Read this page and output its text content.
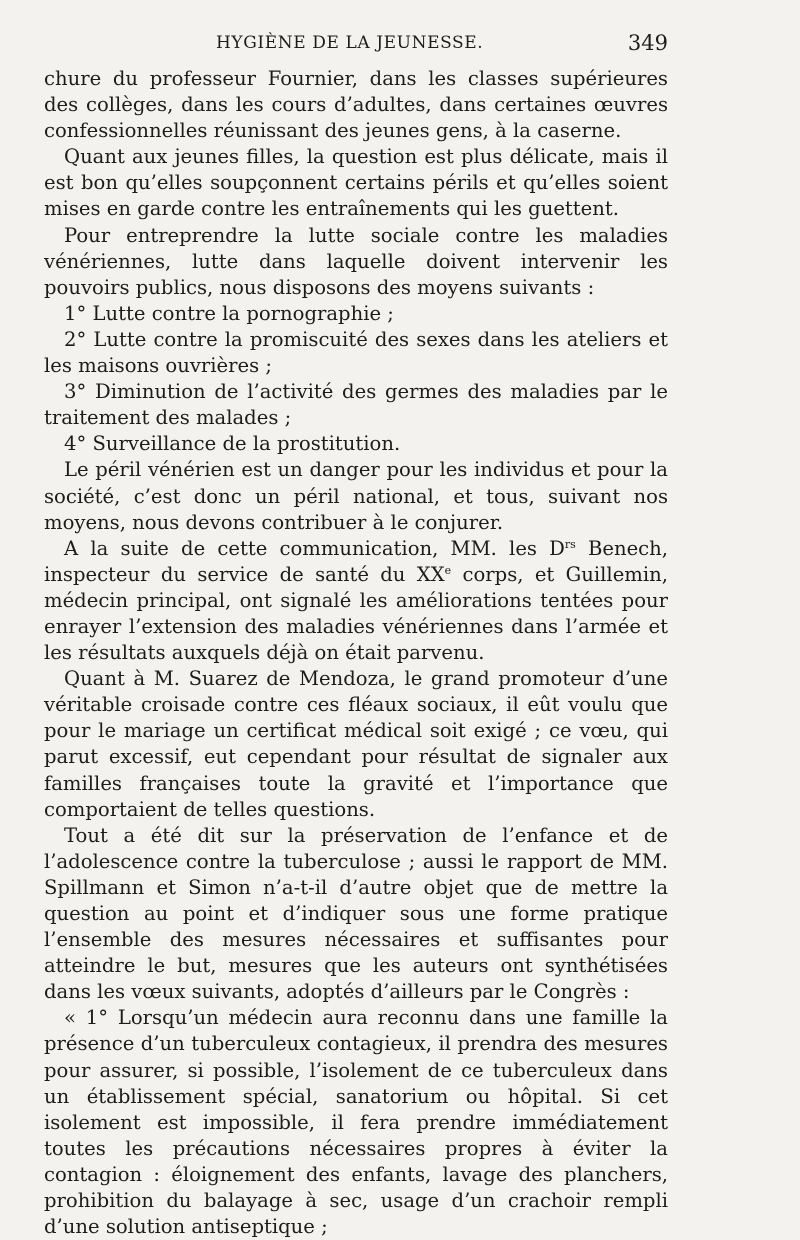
HYGIÈNE DE LA JEUNESSE.	349

chure du professeur Fournier, dans les classes supérieures des collèges, dans les cours d’adultes, dans certaines œuvres confessionnelles réunissant des jeunes gens, à la caserne.

Quant aux jeunes filles, la question est plus délicate, mais il est bon qu’elles soupçonnent certains périls et qu’elles soient mises en garde contre les entraînements qui les guettent.

Pour entreprendre la lutte sociale contre les maladies vénériennes, lutte dans laquelle doivent intervenir les pouvoirs publics, nous disposons des moyens suivants :

1° Lutte contre la pornographie ;

2° Lutte contre la promiscuité des sexes dans les ateliers et les maisons ouvrières ;

3° Diminution de l’activité des germes des maladies par le traitement des malades ;

4° Surveillance de la prostitution.

Le péril vénérien est un danger pour les individus et pour la société, c’est donc un péril national, et tous, suivant nos moyens, nous devons contribuer à le conjurer.

A la suite de cette communication, MM. les $D^{rs}$ Benech, inspecteur du service de santé du XXe corps, et Guillemin, médecin principal, ont signalé les améliorations tentées pour enrayer l’extension des maladies vénériennes dans l’armée et les résultats auxquels déjà on était parvenu.

Quant à M. Suarez de Mendoza, le grand promoteur d’une véritable croisade contre ces fléaux sociaux, il eût voulu que pour le mariage un certificat médical soit exigé ; ce vœu, qui parut excessif, eut cependant pour résultat de signaler aux familles françaises toute la gravité et l’importance que comportaient de telles questions.

Tout a été dit sur la préservation de l’enfance et de l’adolescence contre la tuberculose ; aussi le rapport de MM. Spillmann et Simon n’a-t-il d’autre objet que de mettre la question au point et d’indiquer sous une forme pratique l’ensemble des mesures nécessaires et suffisantes pour atteindre le but, mesures que les auteurs ont synthétisées dans les vœux suivants, adoptés d’ailleurs par le Congrès :

« 1° Lorsqu’un médecin aura reconnu dans une famille la présence d’un tuberculeux contagieux, il prendra des mesures pour assurer, si possible, l’isolement de ce tuberculeux dans un établissement spécial, sanatorium ou hôpital. Si cet isolement est impossible, il fera prendre immédiatement toutes les précautions nécessaires propres à éviter la contagion : éloignement des enfants, lavage des planchers, prohibition du balayage à sec, usage d’un crachoir rempli d’une solution antiseptique ;
